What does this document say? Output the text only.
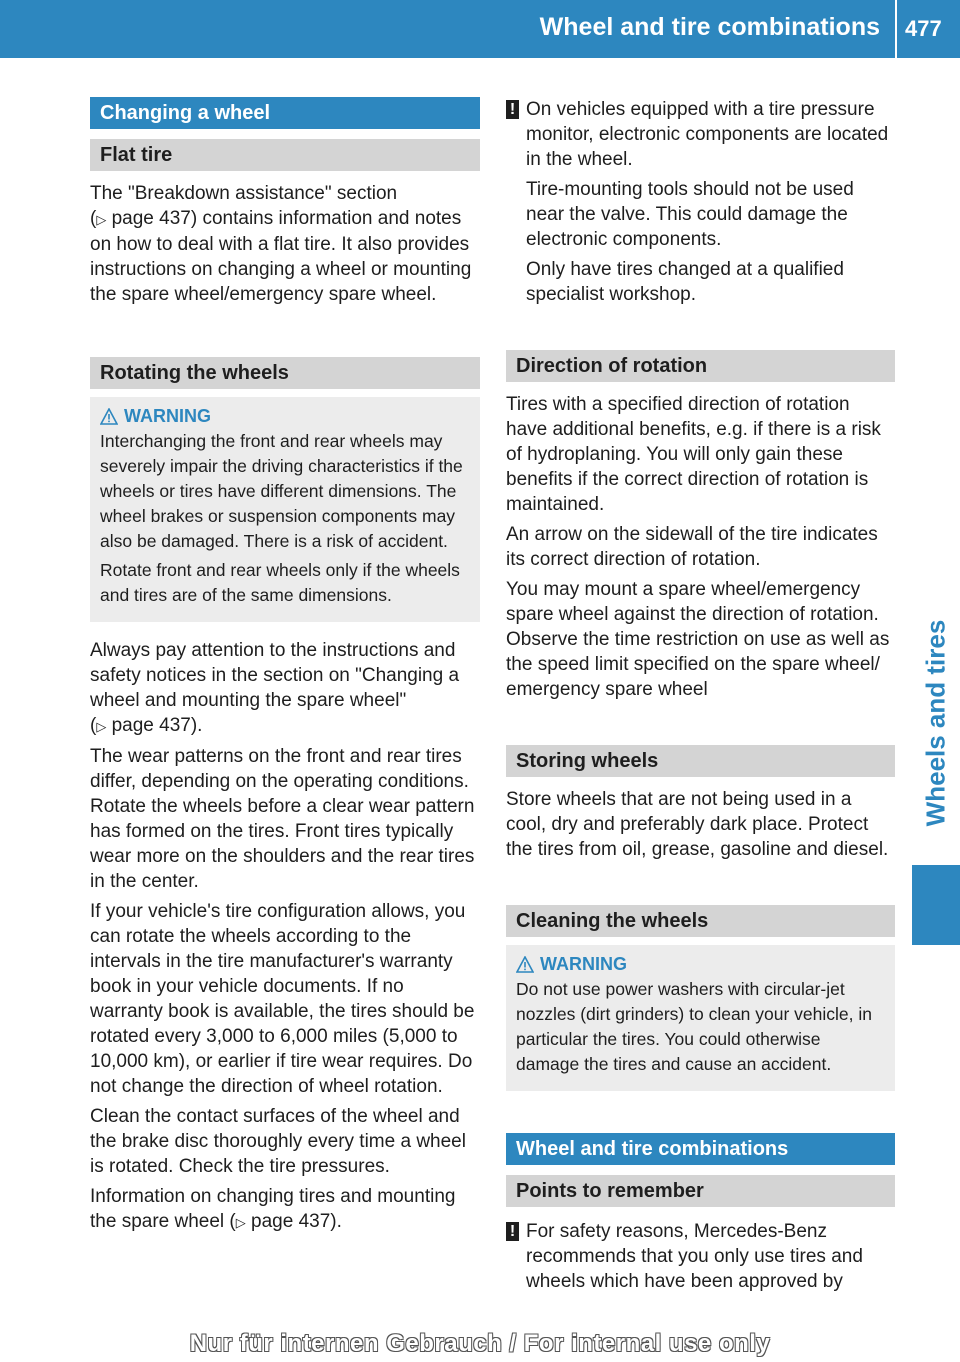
Wheel and tire combinations 477
Wheels and tires
Changing a wheel
Flat tire

The "Breakdown assistance" section
(▷ page 437) contains information and notes on how to deal with a flat tire. It also provides instructions on changing a wheel or mounting the spare wheel/emergency spare wheel.

Rotating the wheels
WARNING

Interchanging the front and rear wheels may severely impair the driving characteristics if the wheels or tires have different dimensions. The wheel brakes or suspension components may also be damaged. There is a risk of accident.

Rotate front and rear wheels only if the wheels and tires are of the same dimensions.

Always pay attention to the instructions and safety notices in the section on "Changing a wheel and mounting the spare wheel"
(▷ page 437).

The wear patterns on the front and rear tires differ, depending on the operating conditions. Rotate the wheels before a clear wear pattern has formed on the tires. Front tires typically wear more on the shoulders and the rear tires in the center.

If your vehicle's tire configuration allows, you can rotate the wheels according to the intervals in the tire manufacturer's warranty book in your vehicle documents. If no warranty book is available, the tires should be rotated every 3,000 to 6,000 miles (5,000 to 10,000 km), or earlier if tire wear requires. Do not change the direction of wheel rotation.

Clean the contact surfaces of the wheel and the brake disc thoroughly every time a wheel is rotated. Check the tire pressures.

Information on changing tires and mounting the spare wheel (▷ page 437).

! On vehicles equipped with a tire pressure monitor, electronic components are located in the wheel.

Tire-mounting tools should not be used near the valve. This could damage the electronic components.

Only have tires changed at a qualified specialist workshop.

Direction of rotation

Tires with a specified direction of rotation have additional benefits, e.g. if there is a risk of hydroplaning. You will only gain these benefits if the correct direction of rotation is maintained.

An arrow on the sidewall of the tire indicates its correct direction of rotation.

You may mount a spare wheel/emergency spare wheel against the direction of rotation. Observe the time restriction on use as well as the speed limit specified on the spare wheel/ emergency spare wheel

Storing wheels

Store wheels that are not being used in a cool, dry and preferably dark place. Protect the tires from oil, grease, gasoline and diesel.

Cleaning the wheels
WARNING

Do not use power washers with circular-jet nozzles (dirt grinders) to clean your vehicle, in particular the tires. You could otherwise damage the tires and cause an accident.

Wheel and tire combinations
Points to remember
! For safety reasons, Mercedes-Benz recommends that you only use tires and wheels which have been approved by

Nur für internen Gebrauch / For internal use only
